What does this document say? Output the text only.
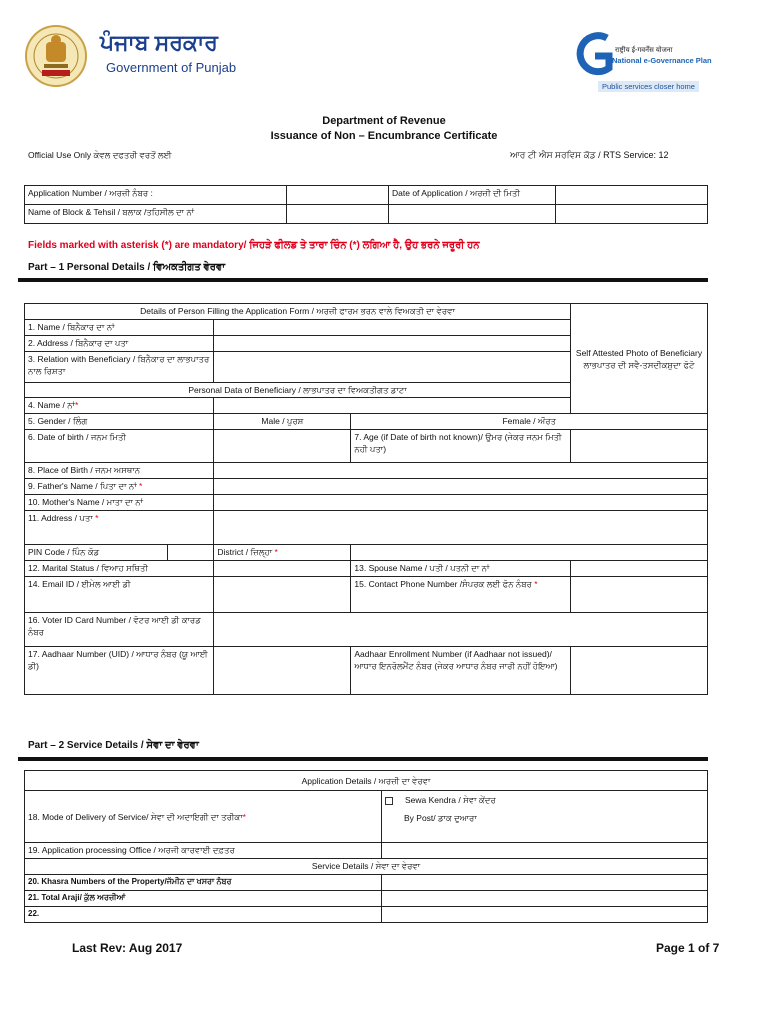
ਪੰਜਾਬ ਸਰਕਾਰ
Government of Punjab
राष्ट्रीय ई-गवर्नेंस योजना
National e-Governance Plan
Public services closer home
Department of Revenue
Issuance of Non – Encumbrance Certificate
Official Use Only ਕੇਵਲ ਦਫਤਰੀ ਵਰਤੋਂ ਲਈ	ਆਰ ਟੀ ਐਸ ਸਰਵਿਸ ਕੋਡ / RTS Service: 12
Application Number / ਅਰਜ਼ੀ ਨੰਬਰ :		Date of Application / ਅਰਜ਼ੀ ਦੀ ਮਿਤੀ	
Name of Block & Tehsil / ਬਲਾਕ /ਤਹਿਸੀਲ ਦਾ ਨਾਂ			
Fields marked with asterisk (*) are mandatory/ ਜਿਹੜੇ ਫੀਲਡ ਤੇ ਤਾਰਾ ਚਿੰਨ (*) ਲਗਿਆ ਹੈ, ਉਹ ਭਰਨੇ ਜਰੂਰੀ ਹਨ
Part – 1 Personal Details / ਵਿਅਕਤੀਗਤ ਵੇਰਵਾ
Details of Person Filling the Application Form / ਅਰਜ਼ੀ ਫਾਰਮ ਭਰਨ ਵਾਲੇ ਵਿਅਕਤੀ ਦਾ ਵੇਰਵਾ				Self Attested Photo of Beneficiary ਲਾਭਪਾਤਰ ਦੀ ਸਵੈ-ਤਸਦੀਕਸ਼ੁਦਾ ਫੋਟੋ
1. Name / ਬਿਨੈਕਾਰ ਦਾ ਨਾਂ				
2. Address / ਬਿਨੈਕਾਰ ਦਾ ਪਤਾ				
3. Relation with Beneficiary / ਬਿਨੈਕਾਰ ਦਾ ਲਾਭਪਾਤਰ ਨਾਲ ਰਿਸ਼ਤਾ				
Personal Data of Beneficiary / ਲਾਭਪਾਤਰ ਦਾ ਵਿਅਕਤੀਗਤ ਡਾਟਾ				
4. Name / ਨਾਂ*				
5. Gender / ਲਿੰਗ		Male / ਪੁਰਸ਼	Female / ਔਰਤ	
6. Date of birth / ਜਨਮ ਮਿਤੀ			7. Age (if Date of birth not known)/ ਉਮਰ (ਜੇਕਰ ਜਨਮ ਮਿਤੀ ਨਹੀ ਪਤਾ)	
8. Place of Birth / ਜਨਮ ਅਸਥਾਨ				
9. Father's Name / ਪਿਤਾ ਦਾ ਨਾਂ *				
10. Mother's Name / ਮਾਤਾ ਦਾ ਨਾਂ				
11. Address / ਪਤਾ *				
PIN Code / ਪਿੰਨ ਕੋਡ		District / ਜ਼ਿਲ੍ਹਾ *		
12. Marital Status / ਵਿਆਹ ਸਥਿਤੀ			13. Spouse Name / ਪਤੀ / ਪਤਨੀ ਦਾ ਨਾਂ	
14. Email ID / ਈਮੇਲ ਆਈ ਡੀ			15. Contact Phone Number /ਸੰਪਰਕ ਲਈ ਫੋਨ ਨੰਬਰ *	
16. Voter ID Card Number / ਵੋਟਰ ਆਈ ਡੀ ਕਾਰਡ ਨੰਬਰ				
17. Aadhaar Number (UID) / ਆਧਾਰ ਨੰਬਰ (ਯੂ ਆਈ ਡੀ)			Aadhaar Enrollment Number (if Aadhaar not issued)/ ਆਧਾਰ ਇਨਰੋਲਮੈਂਟ ਨੰਬਰ (ਜੇਕਰ ਆਧਾਰ ਨੰਬਰ ਜਾਰੀ ਨਹੀਂ ਹੋਇਆ)	
Part – 2 Service Details / ਸੇਵਾ ਦਾ ਵੇਰਵਾ
Application Details / ਅਰਜ਼ੀ ਦਾ ਵੇਰਵਾ	
18. Mode of Delivery of Service/ ਸੇਵਾ ਦੀ ਅਦਾਇਗੀ ਦਾ ਤਰੀਕਾ*	Sewa Kendra / ਸੇਵਾ ਕੇਂਦਰ
By Post/ ਡਾਕ ਦੁਆਰਾ

19. Application processing Office / ਅਰਜੀ ਕਾਰਵਾਈ ਦਫ਼ਤਰ	
Service Details / ਸੇਵਾ ਦਾ ਵੇਰਵਾ	
20. Khasra Numbers of the Property/ਜੱਮੀਨ ਦਾ ਖਸਰਾ ਨੰਬਰ	
21. Total Araji/ ਕੁੱਲ ਅਰਜ਼ੀਆਂ	
22.	
Last Rev: Aug 2017	Page 1 of 7
